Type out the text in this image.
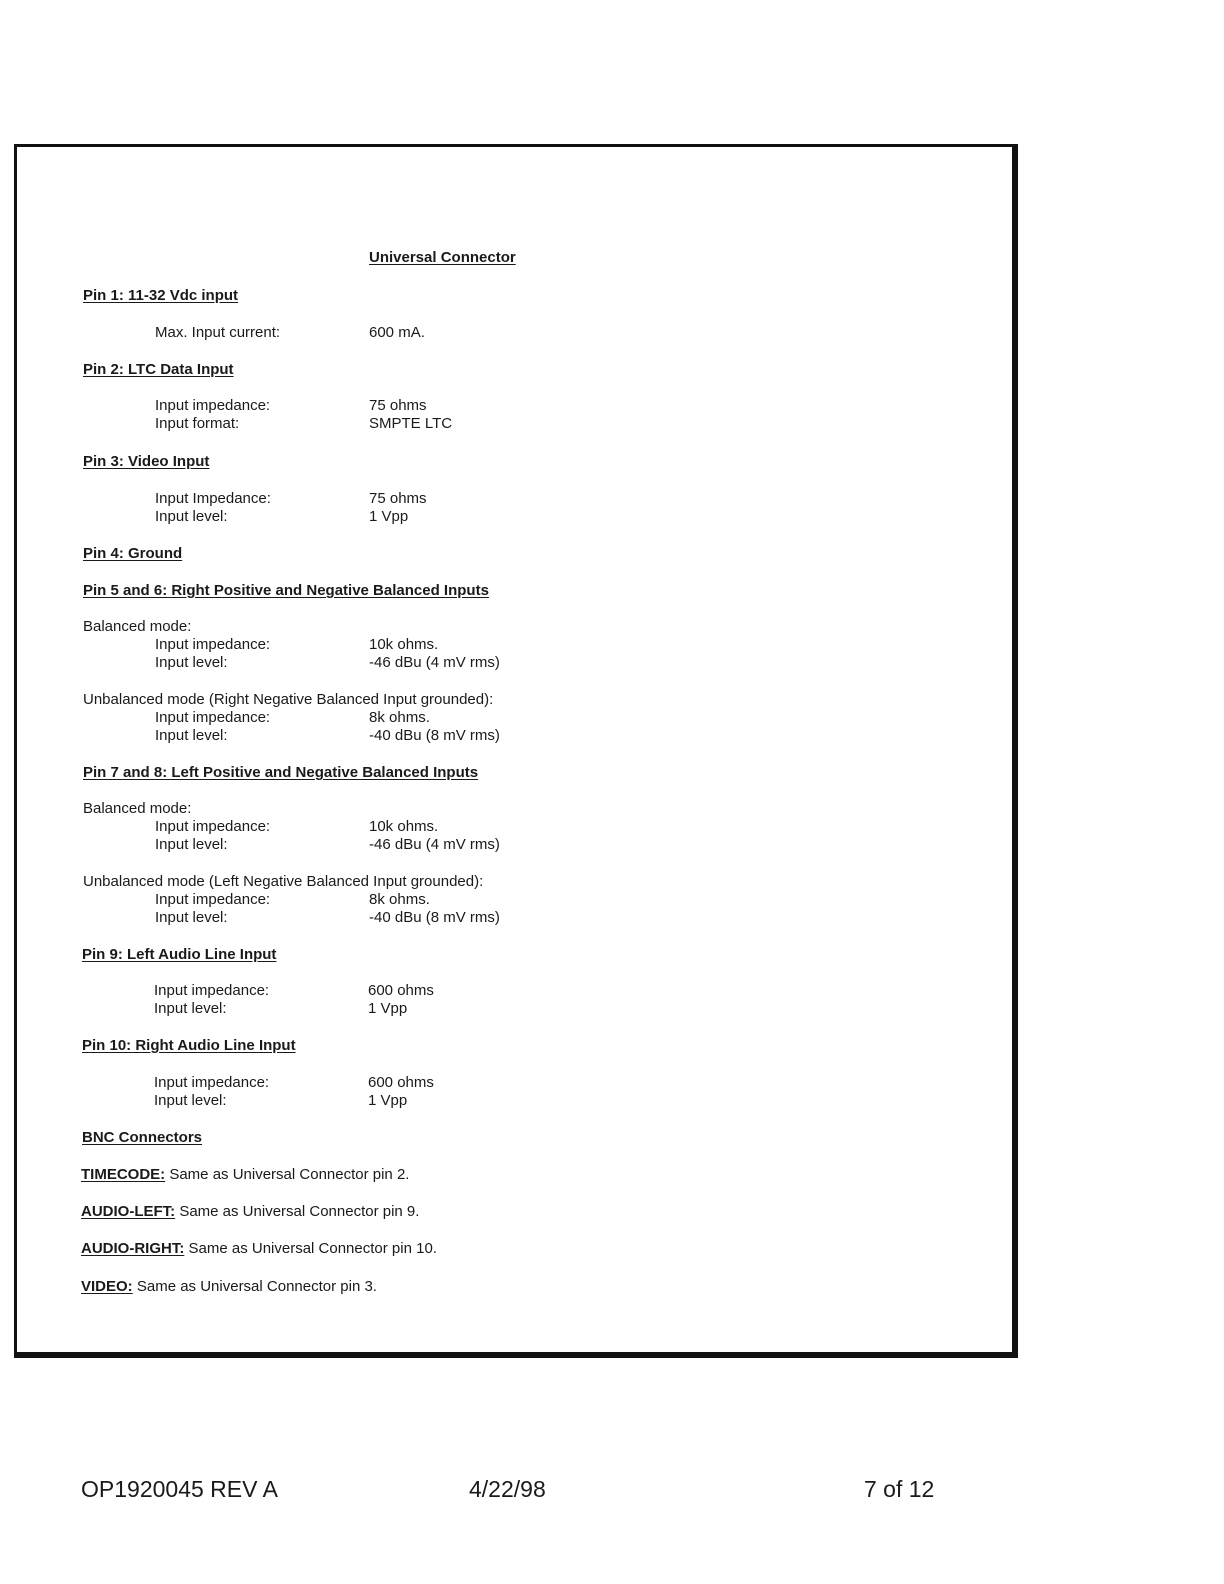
Universal Connector
Pin 1: 11-32 Vdc input
Max. Input current:	600 mA.
Pin 2: LTC Data Input
Input impedance:	75 ohms
Input format:	SMPTE LTC
Pin 3: Video Input
Input Impedance:	75 ohms
Input level:	1 Vpp
Pin 4: Ground
Pin 5 and 6: Right Positive and Negative Balanced Inputs
Balanced mode:
Input impedance:	10k ohms.
Input level:	-46 dBu (4 mV rms)
Unbalanced mode (Right Negative Balanced Input grounded):
Input impedance:	8k ohms.
Input level:	-40 dBu (8 mV rms)
Pin 7 and 8: Left Positive and Negative Balanced Inputs
Balanced mode:
Input impedance:	10k ohms.
Input level:	-46 dBu (4 mV rms)
Unbalanced mode (Left Negative Balanced Input grounded):
Input impedance:	8k ohms.
Input level:	-40 dBu (8 mV rms)
Pin 9: Left Audio Line Input
Input impedance:	600 ohms
Input level:	1 Vpp
Pin 10: Right Audio Line Input
Input impedance:	600 ohms
Input level:	1 Vpp
BNC Connectors
TIMECODE: Same as Universal Connector pin 2.
AUDIO-LEFT: Same as Universal Connector pin 9.
AUDIO-RIGHT: Same as Universal Connector pin 10.
VIDEO: Same as Universal Connector pin 3.
OP1920045 REV A	4/22/98	7 of 12
